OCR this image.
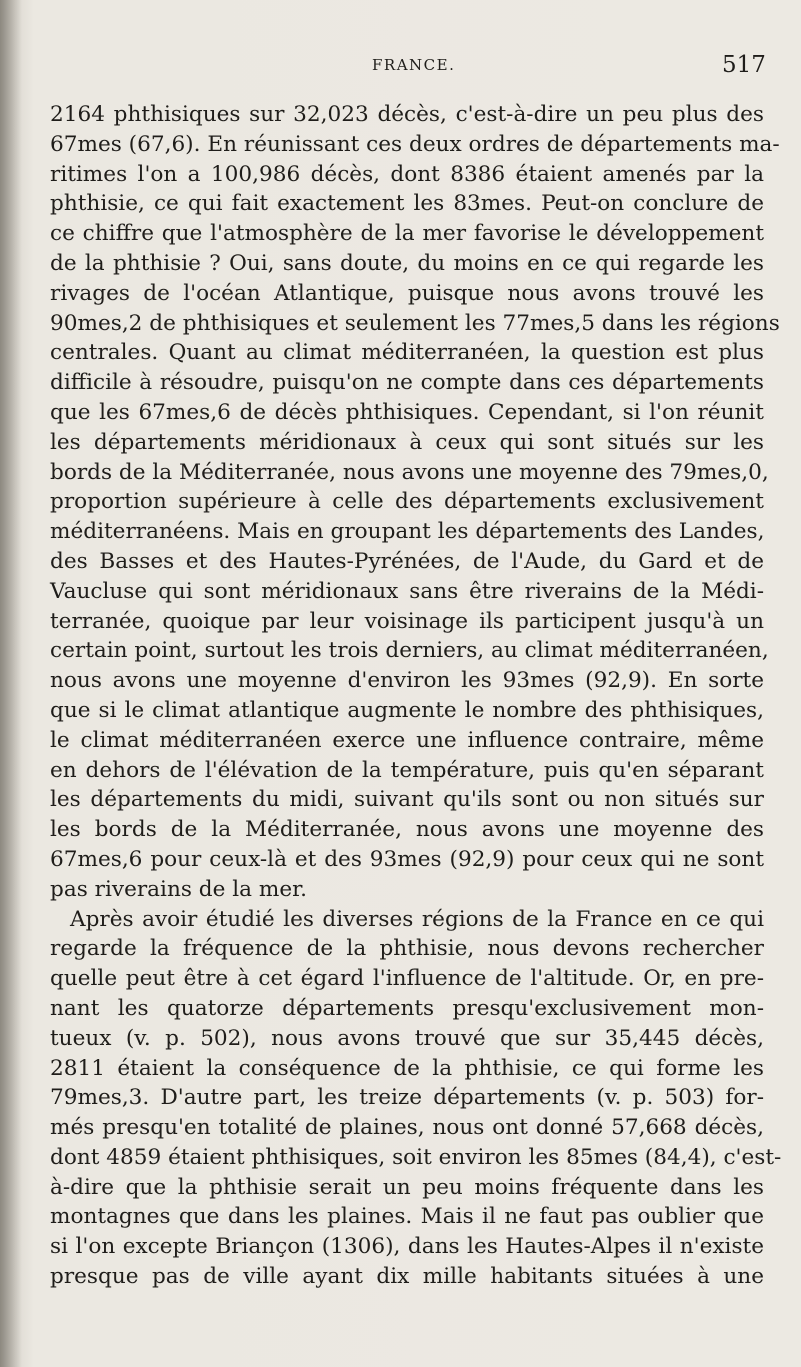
FRANCE.	517
2164 phthisiques sur 32,023 décès, c'est-à-dire un peu plus des
67mes (67,6). En réunissant ces deux ordres de départements ma-
ritimes l'on a 100,986 décès, dont 8386 étaient amenés par la
phthisie, ce qui fait exactement les 83mes. Peut-on conclure de
ce chiffre que l'atmosphère de la mer favorise le développement
de la phthisie ? Oui, sans doute, du moins en ce qui regarde les
rivages de l'océan Atlantique, puisque nous avons trouvé les
90mes,2 de phthisiques et seulement les 77mes,5 dans les régions
centrales. Quant au climat méditerranéen, la question est plus
difficile à résoudre, puisqu'on ne compte dans ces départements
que les 67mes,6 de décès phthisiques. Cependant, si l'on réunit
les départements méridionaux à ceux qui sont situés sur les
bords de la Méditerranée, nous avons une moyenne des 79mes,0,
proportion supérieure à celle des départements exclusivement
méditerranéens. Mais en groupant les départements des Landes,
des Basses et des Hautes-Pyrénées, de l'Aude, du Gard et de
Vaucluse qui sont méridionaux sans être riverains de la Médi-
terranée, quoique par leur voisinage ils participent jusqu'à un
certain point, surtout les trois derniers, au climat méditerranéen,
nous avons une moyenne d'environ les 93mes (92,9). En sorte
que si le climat atlantique augmente le nombre des phthisiques,
le climat méditerranéen exerce une influence contraire, même
en dehors de l'élévation de la température, puis qu'en séparant
les départements du midi, suivant qu'ils sont ou non situés sur
les bords de la Méditerranée, nous avons une moyenne des
67mes,6 pour ceux-là et des 93mes (92,9) pour ceux qui ne sont
pas riverains de la mer.
Après avoir étudié les diverses régions de la France en ce qui
regarde la fréquence de la phthisie, nous devons rechercher
quelle peut être à cet égard l'influence de l'altitude. Or, en pre-
nant les quatorze départements presqu'exclusivement mon-
tueux (v. p. 502), nous avons trouvé que sur 35,445 décès,
2811 étaient la conséquence de la phthisie, ce qui forme les
79mes,3. D'autre part, les treize départements (v. p. 503) for-
més presqu'en totalité de plaines, nous ont donné 57,668 décès,
dont 4859 étaient phthisiques, soit environ les 85mes (84,4), c'est-
à-dire que la phthisie serait un peu moins fréquente dans les
montagnes que dans les plaines. Mais il ne faut pas oublier que
si l'on excepte Briançon (1306), dans les Hautes-Alpes il n'existe
presque pas de ville ayant dix mille habitants situées à une
